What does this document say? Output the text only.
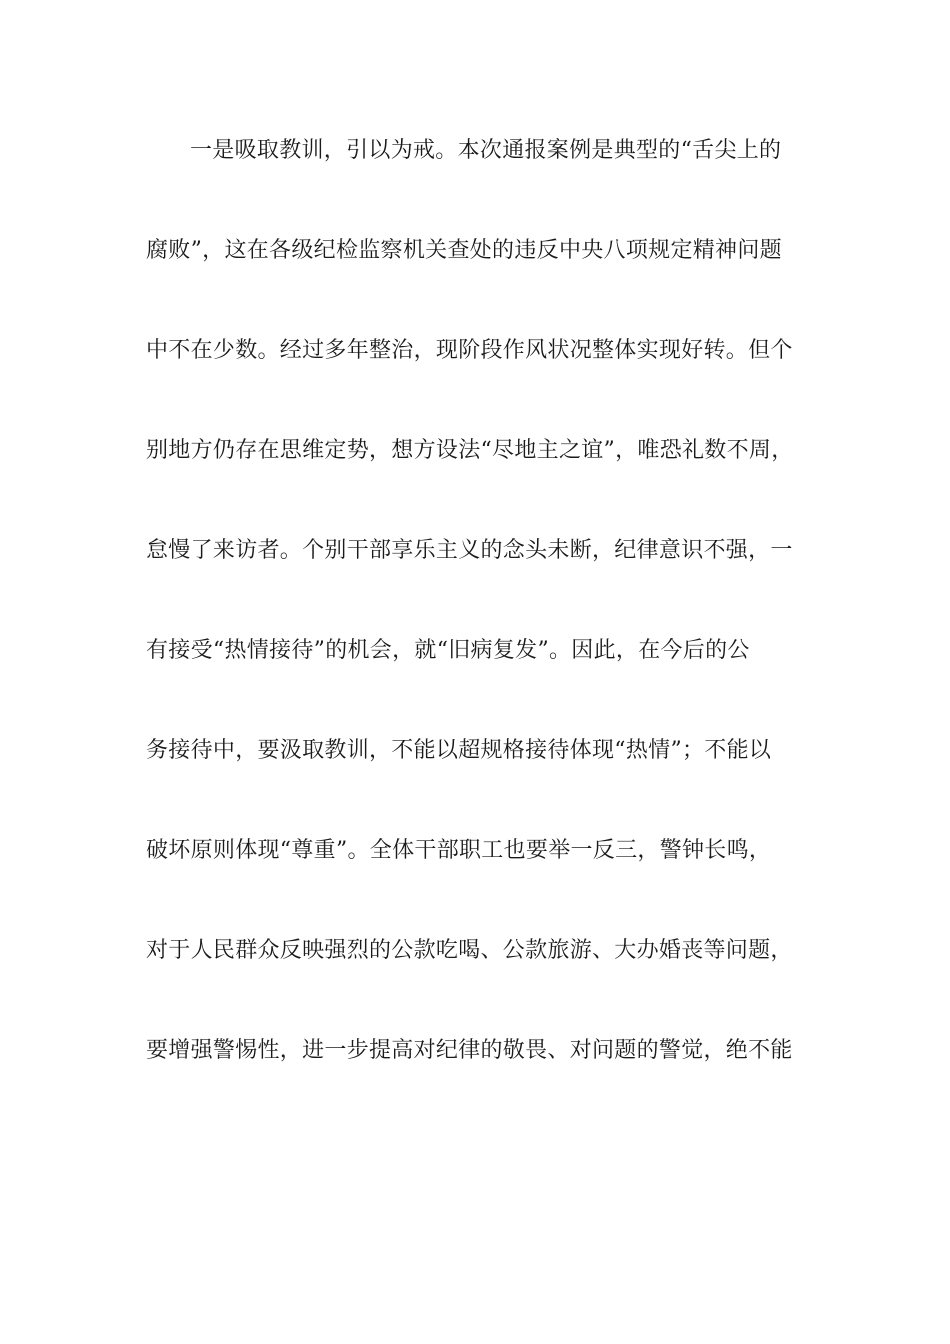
一是吸取教训，引以为戒。本次通报案例是典型的“舌尖上的
腐败”，这在各级纪检监察机关查处的违反中央八项规定精神问题
中不在少数。经过多年整治，现阶段作风状况整体实现好转。但个
别地方仍存在思维定势，想方设法“尽地主之谊”，唯恐礼数不周，
怠慢了来访者。个别干部享乐主义的念头未断，纪律意识不强，一
有接受“热情接待”的机会，就“旧病复发”。因此，在今后的公
务接待中，要汲取教训，不能以超规格接待体现“热情”；不能以
破坏原则体现“尊重”。全体干部职工也要举一反三，警钟长鸣，
对于人民群众反映强烈的公款吃喝、公款旅游、大办婚丧等问题，
要增强警惕性，进一步提高对纪律的敬畏、对问题的警觉，绝不能
